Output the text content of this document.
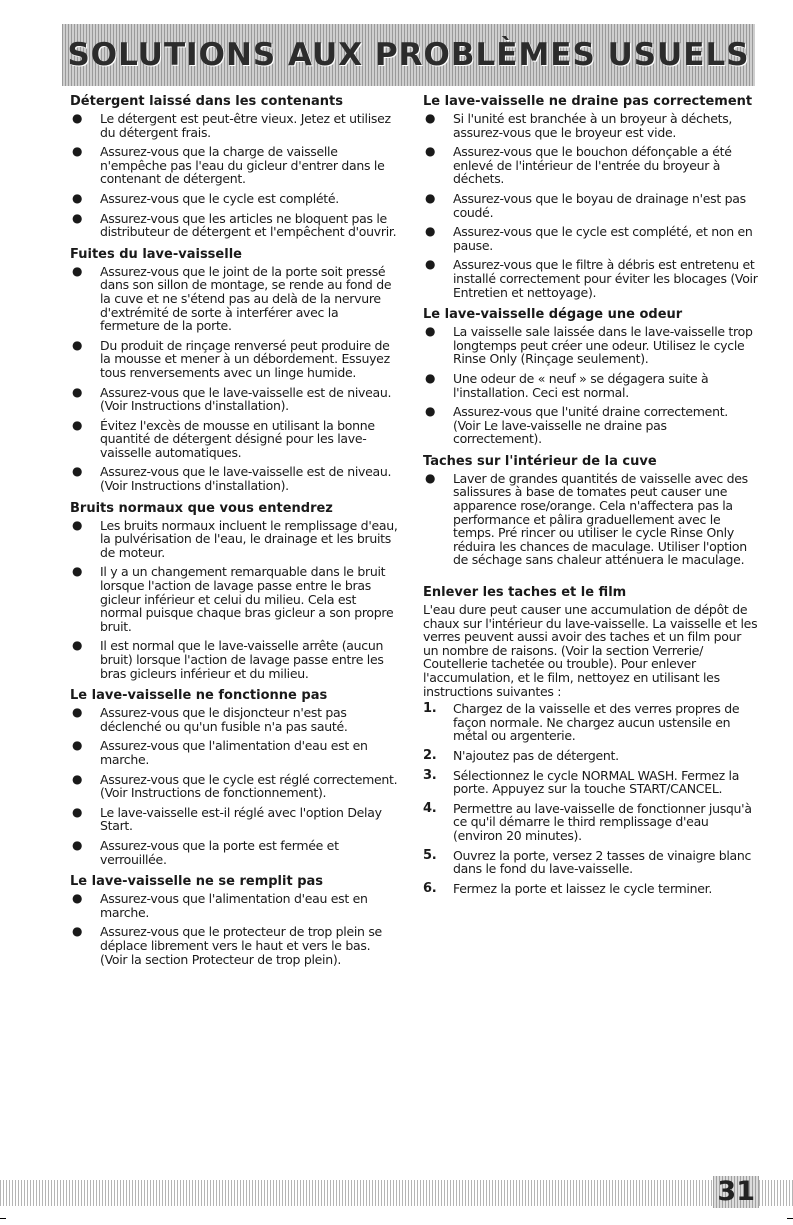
SOLUTIONS AUX PROBLÈMES USUELS
Détergent laissé dans les contenants
● Le détergent est peut-être vieux. Jetez et utilisez du détergent frais.
● Assurez-vous que la charge de vaisselle n'empêche pas l'eau du gicleur d'entrer dans le contenant de détergent.
● Assurez-vous que le cycle est complété.
● Assurez-vous que les articles ne bloquent pas le distributeur de détergent et l'empêchent d'ouvrir.
Fuites du lave-vaisselle
● Assurez-vous que le joint de la porte soit pressé dans son sillon de montage, se rende au fond de la cuve et ne s'étend pas au delà de la nervure d'extrémité de sorte à interférer avec la fermeture de la porte.
● Du produit de rinçage renversé peut produire de la mousse et mener à un débordement. Essuyez tous renversements avec un linge humide.
● Assurez-vous que le lave-vaisselle est de niveau. (Voir Instructions d'installation).
● Évitez l'excès de mousse en utilisant la bonne quantité de détergent désigné pour les lave-vaisselle automatiques.
● Assurez-vous que le lave-vaisselle est de niveau. (Voir Instructions d'installation).
Bruits normaux que vous entendrez
● Les bruits normaux incluent le remplissage d'eau, la pulvérisation de l'eau, le drainage et les bruits de moteur.
● Il y a un changement remarquable dans le bruit lorsque l'action de lavage passe entre le bras gicleur inférieur et celui du milieu. Cela est normal puisque chaque bras gicleur a son propre bruit.
● Il est normal que le lave-vaisselle arrête (aucun bruit) lorsque l'action de lavage passe entre les bras gicleurs inférieur et du milieu.
Le lave-vaisselle ne fonctionne pas
● Assurez-vous que le disjoncteur n'est pas déclenché ou qu'un fusible n'a pas sauté.
● Assurez-vous que l'alimentation d'eau est en marche.
● Assurez-vous que le cycle est réglé correctement. (Voir Instructions de fonctionnement).
● Le lave-vaisselle est-il réglé avec l'option Delay Start.
● Assurez-vous que la porte est fermée et verrouillée.
Le lave-vaisselle ne se remplit pas
● Assurez-vous que l'alimentation d'eau est en marche.
● Assurez-vous que le protecteur de trop plein se déplace librement vers le haut et vers le bas. (Voir la section Protecteur de trop plein).
Le lave-vaisselle ne draine pas correctement
● Si l'unité est branchée à un broyeur à déchets, assurez-vous que le broyeur est vide.
● Assurez-vous que le bouchon défonçable a été enlevé de l'intérieur de l'entrée du broyeur à déchets.
● Assurez-vous que le boyau de drainage n'est pas coudé.
● Assurez-vous que le cycle est complété, et non en pause.
● Assurez-vous que le filtre à débris est entretenu et installé correctement pour éviter les blocages (Voir Entretien et nettoyage).
Le lave-vaisselle dégage une odeur
● La vaisselle sale laissée dans le lave-vaisselle trop longtemps peut créer une odeur. Utilisez le cycle Rinse Only (Rinçage seulement).
● Une odeur de « neuf » se dégagera suite à l'installation. Ceci est normal.
● Assurez-vous que l'unité draine correctement. (Voir Le lave-vaisselle ne draine pas correctement).
Taches sur l'intérieur de la cuve
● Laver de grandes quantités de vaisselle avec des salissures à base de tomates peut causer une apparence rose/orange. Cela n'affectera pas la performance et pâlira graduellement avec le temps. Pré rincer ou utiliser le cycle Rinse Only réduira les chances de maculage. Utiliser l'option de séchage sans chaleur atténuera le maculage.
Enlever les taches et le film

L'eau dure peut causer une accumulation de dépôt de chaux sur l'intérieur du lave-vaisselle. La vaisselle et les verres peuvent aussi avoir des taches et un film pour un nombre de raisons. (Voir la section Verrerie/ Coutellerie tachetée ou trouble). Pour enlever l'accumulation, et le film, nettoyez en utilisant les instructions suivantes :

1. Chargez de la vaisselle et des verres propres de façon normale. Ne chargez aucun ustensile en métal ou argenterie.
2. N'ajoutez pas de détergent.
3. Sélectionnez le cycle NORMAL WASH. Fermez la porte. Appuyez sur la touche START/CANCEL.
4. Permettre au lave-vaisselle de fonctionner jusqu'à ce qu'il démarre le third remplissage d'eau (environ 20 minutes).
5. Ouvrez la porte, versez 2 tasses de vinaigre blanc dans le fond du lave-vaisselle.
6. Fermez la porte et laissez le cycle terminer.
31
